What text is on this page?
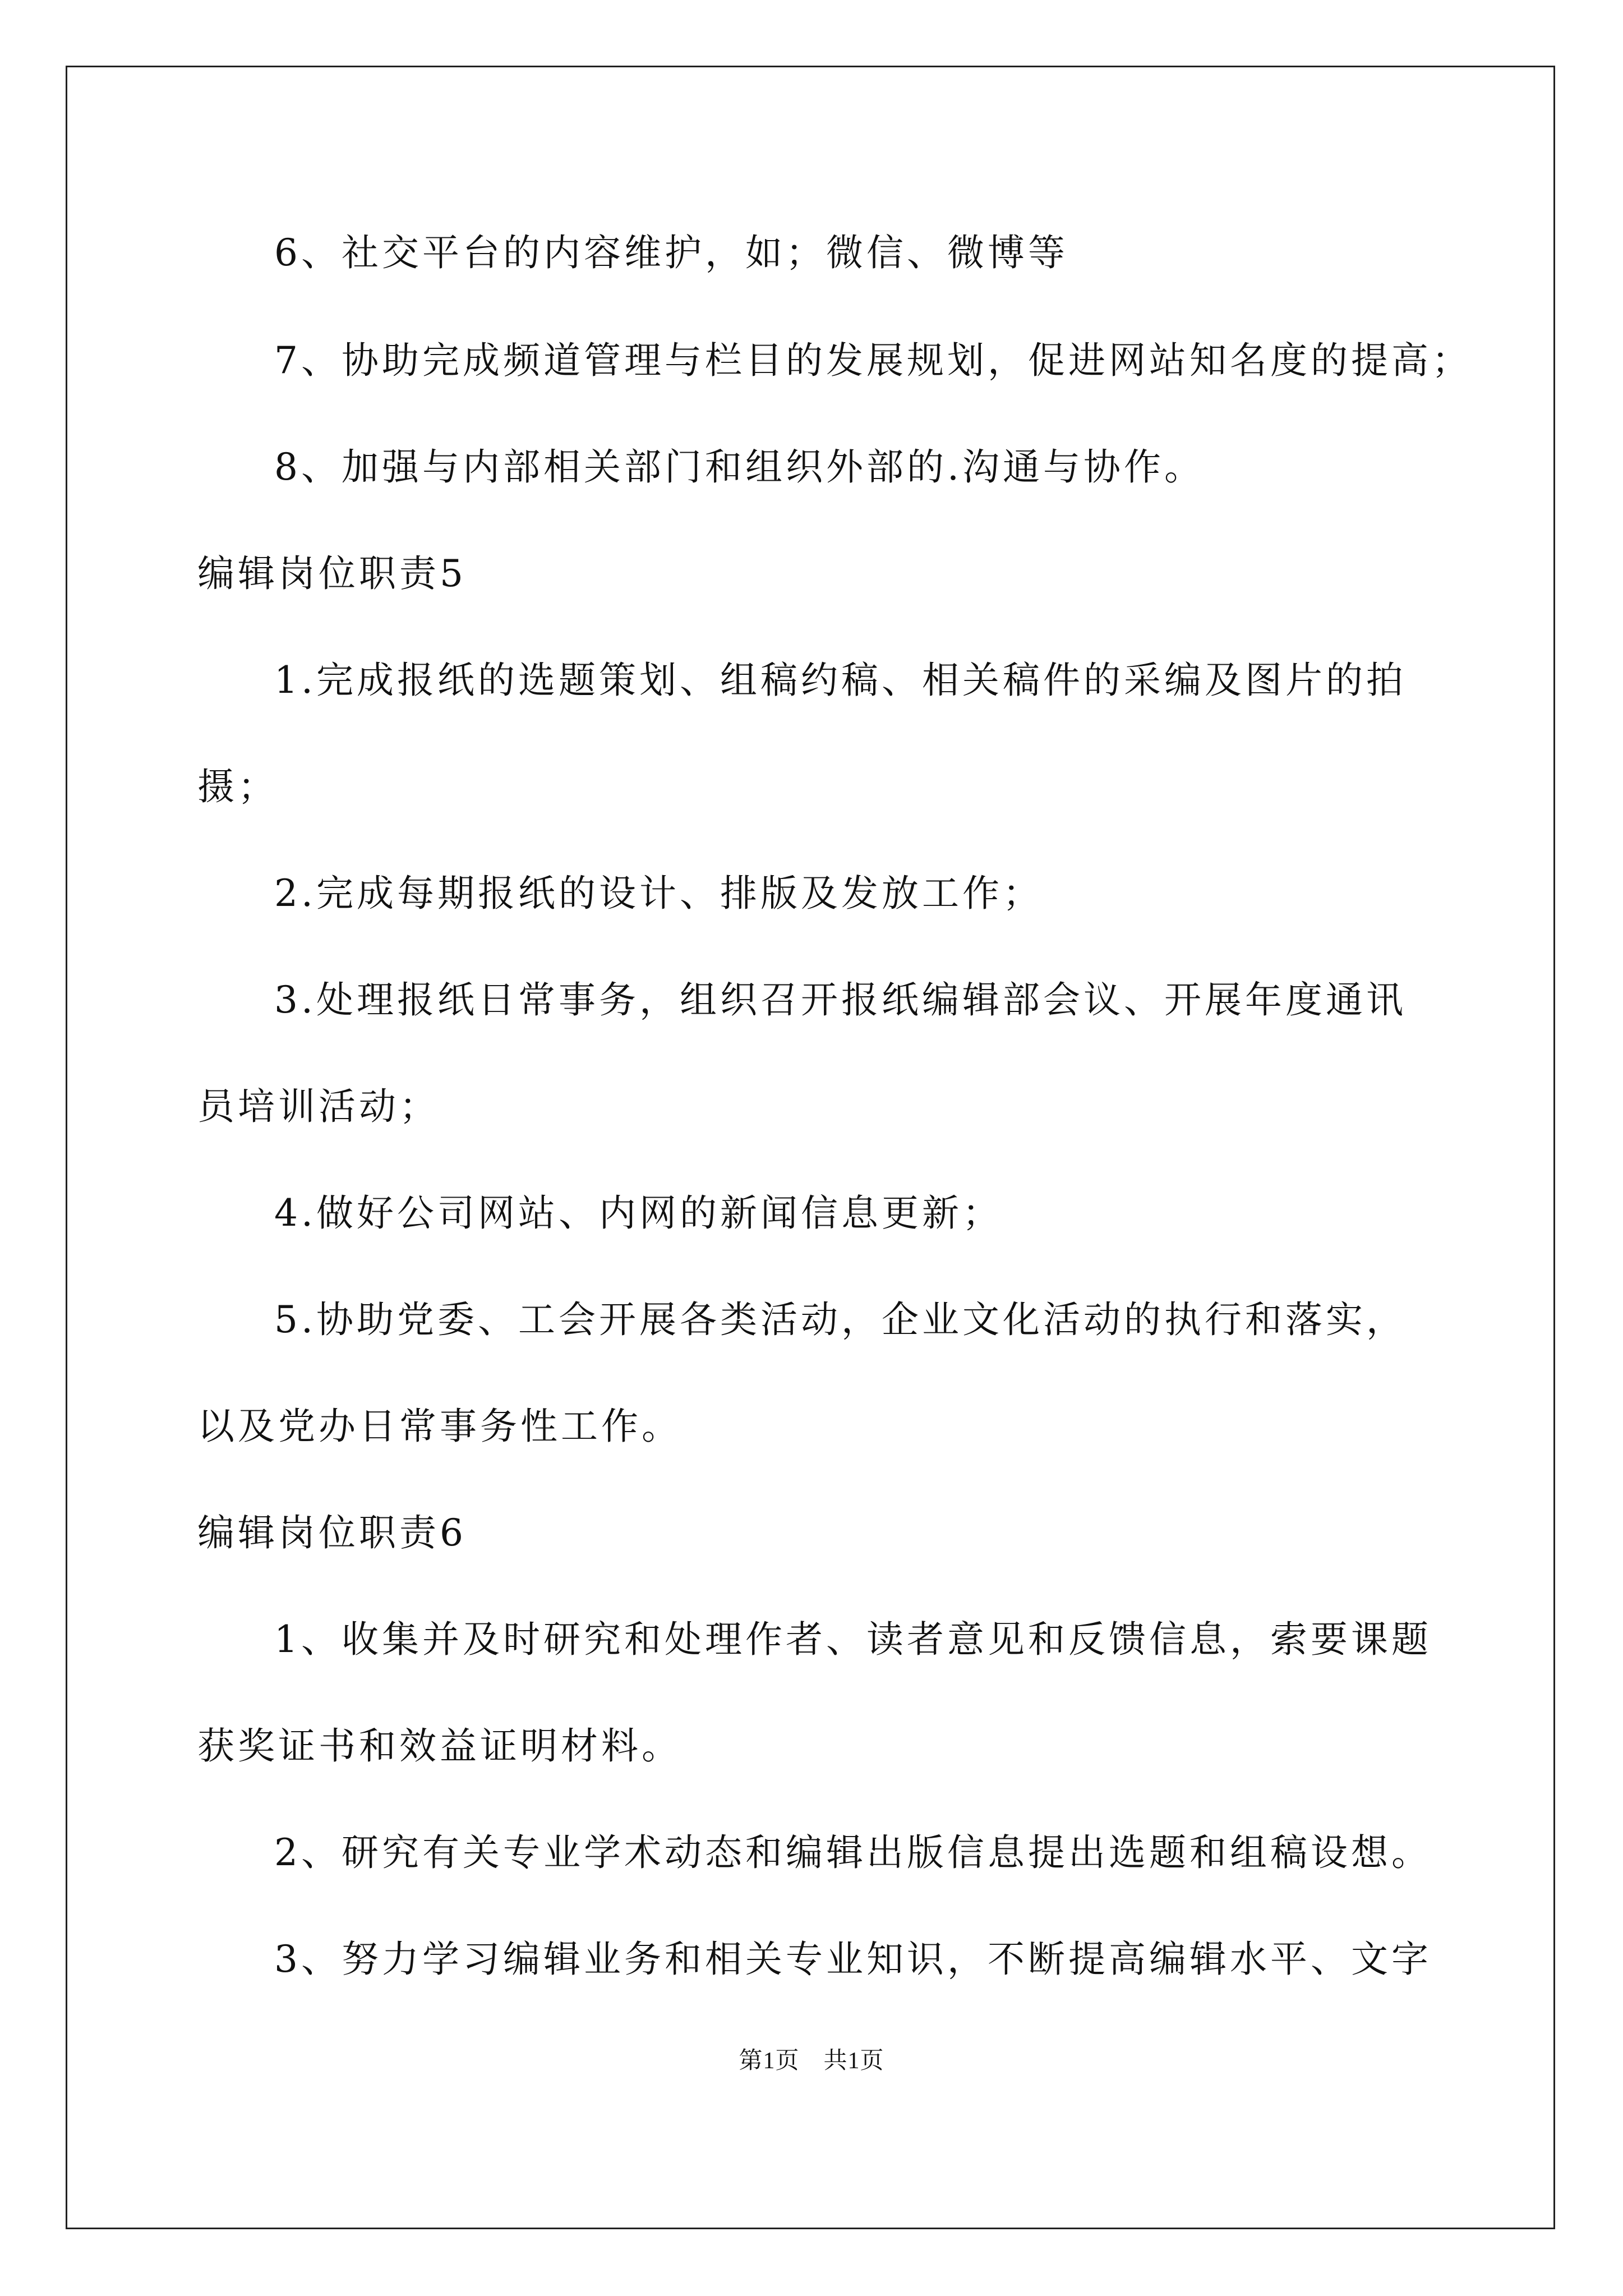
6、社交平台的内容维护，如；微信、微博等
7、协助完成频道管理与栏目的发展规划，促进网站知名度的提高；
8、加强与内部相关部门和组织外部的.沟通与协作。
编辑岗位职责5
1.完成报纸的选题策划、组稿约稿、相关稿件的采编及图片的拍
摄；
2.完成每期报纸的设计、排版及发放工作；
3.处理报纸日常事务，组织召开报纸编辑部会议、开展年度通讯
员培训活动；
4.做好公司网站、内网的新闻信息更新；
5.协助党委、工会开展各类活动，企业文化活动的执行和落实，
以及党办日常事务性工作。
编辑岗位职责6
1、收集并及时研究和处理作者、读者意见和反馈信息，索要课题
获奖证书和效益证明材料。
2、研究有关专业学术动态和编辑出版信息提出选题和组稿设想。
3、努力学习编辑业务和相关专业知识，不断提高编辑水平、文字
第1页　共1页
